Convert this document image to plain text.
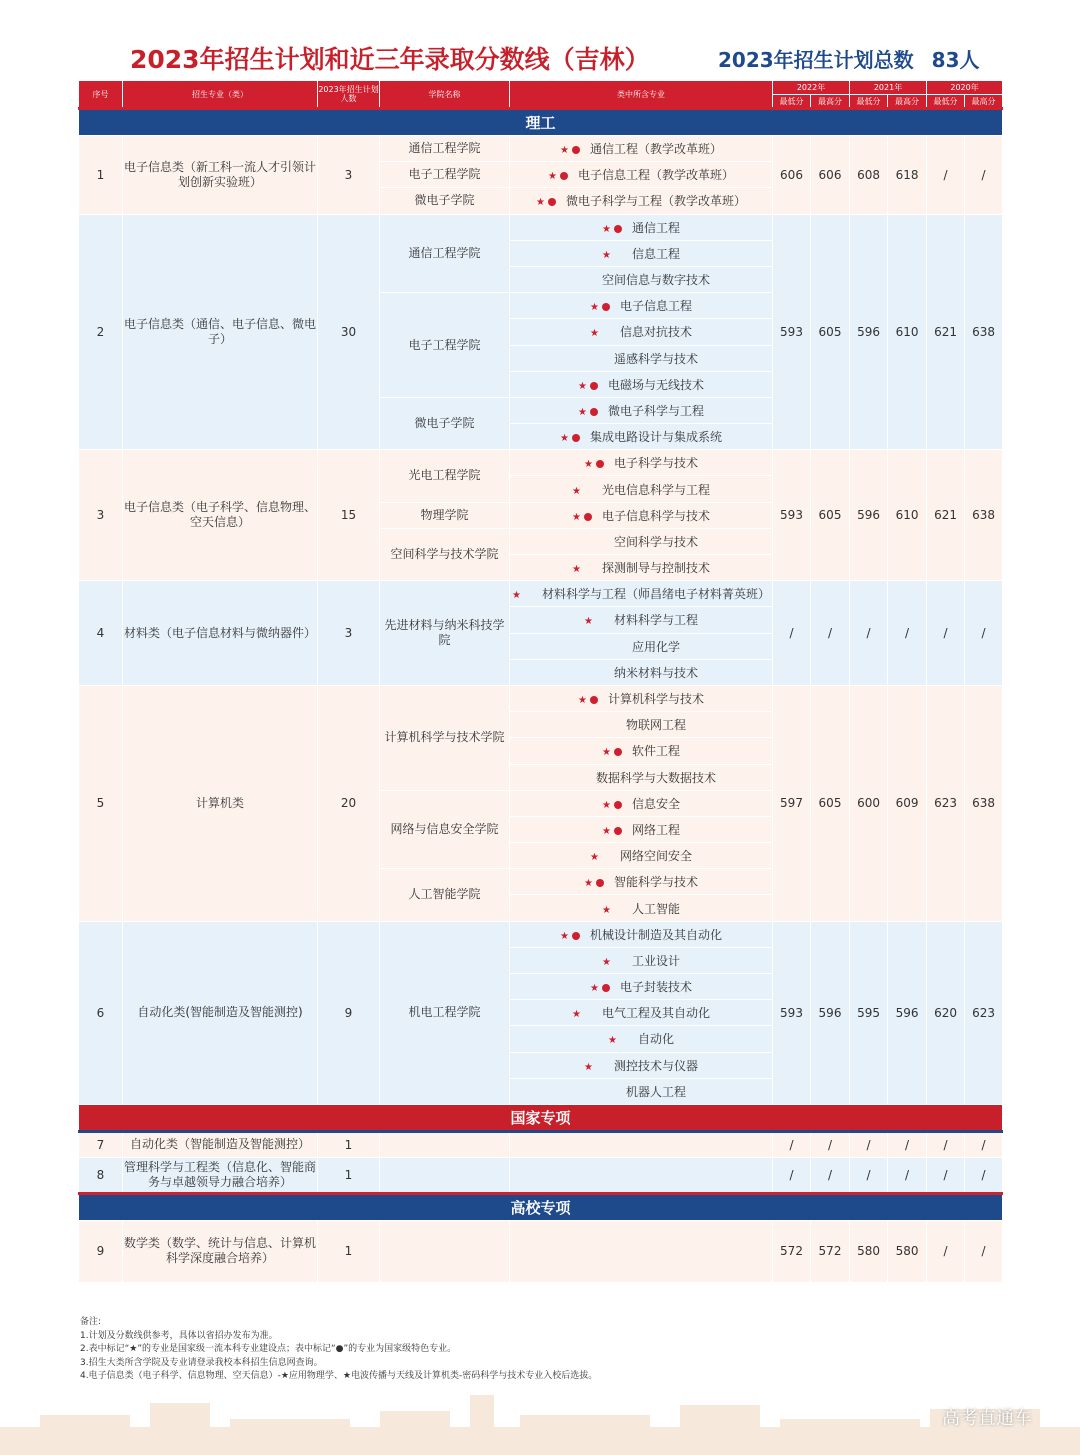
2023年招生计划和近三年录取分数线（吉林）	2023年招生计划总数 83人
序号	招生专业（类）	2023年招生计划人数	学院名称	类中所含专业	2022年		2021年		2020年	
					最低分	最高分	最低分	最高分	最低分	最高分
理工										
1	电子信息类（新工科一流人才引领计划创新实验班）	3	通信工程学院	★ 通信工程（教学改革班）	606	606	608	618	/	/
			电子工程学院	★ 电子信息工程（教学改革班）						
			微电子学院	★ 微电子科学与工程（教学改革班）						
2	电子信息类（通信、电子信息、微电子）	30	通信工程学院	★ 通信工程	593	605	596	610	621	638
				★ 信息工程						
				空间信息与数字技术						
			电子工程学院	★ 电子信息工程						
				★ 信息对抗技术						
				遥感科学与技术						
				★ 电磁场与无线技术						
			微电子学院	★ 微电子科学与工程						
				★ 集成电路设计与集成系统						
3	电子信息类（电子科学、信息物理、空天信息）	15	光电工程学院	★ 电子科学与技术	593	605	596	610	621	638
				★ 光电信息科学与工程						
			物理学院	★ 电子信息科学与技术						
			空间科学与技术学院	空间科学与技术						
				★ 探测制导与控制技术						
4	材料类（电子信息材料与微纳器件）	3	先进材料与纳米科技学院	★ 材料科学与工程（师昌绪电子材料菁英班）	/	/	/	/	/	/
				★ 材料科学与工程						
				应用化学						
				纳米材料与技术						
5	计算机类	20	计算机科学与技术学院	★ 计算机科学与技术	597	605	600	609	623	638
				物联网工程						
				★ 软件工程						
				数据科学与大数据技术						
			网络与信息安全学院	★ 信息安全						
				★ 网络工程						
				★ 网络空间安全						
			人工智能学院	★ 智能科学与技术						
				★ 人工智能						
6	自动化类(智能制造及智能测控)	9	机电工程学院	★ 机械设计制造及其自动化	593	596	595	596	620	623
				★ 工业设计						
				★ 电子封装技术						
				★ 电气工程及其自动化						
				★ 自动化						
				★ 测控技术与仪器						
				机器人工程						
国家专项										
7	自动化类（智能制造及智能测控）	1			/	/	/	/	/	/
8	管理科学与工程类（信息化、智能商务与卓越领导力融合培养）	1			/	/	/	/	/	/
高校专项										
9	数学类（数学、统计与信息、计算机科学深度融合培养）	1			572	572	580	580	/	/
备注:
1.计划及分数线供参考，具体以省招办发布为准。
2.表中标记“★”的专业是国家级一流本科专业建设点；表中标记“●”的专业为国家级特色专业。
3.招生大类所含学院及专业请登录我校本科招生信息网查询。
4.电子信息类（电子科学、信息物理、空天信息）-★应用物理学、★电波传播与天线及计算机类-密码科学与技术专业入校后选拔。
高考直通车
